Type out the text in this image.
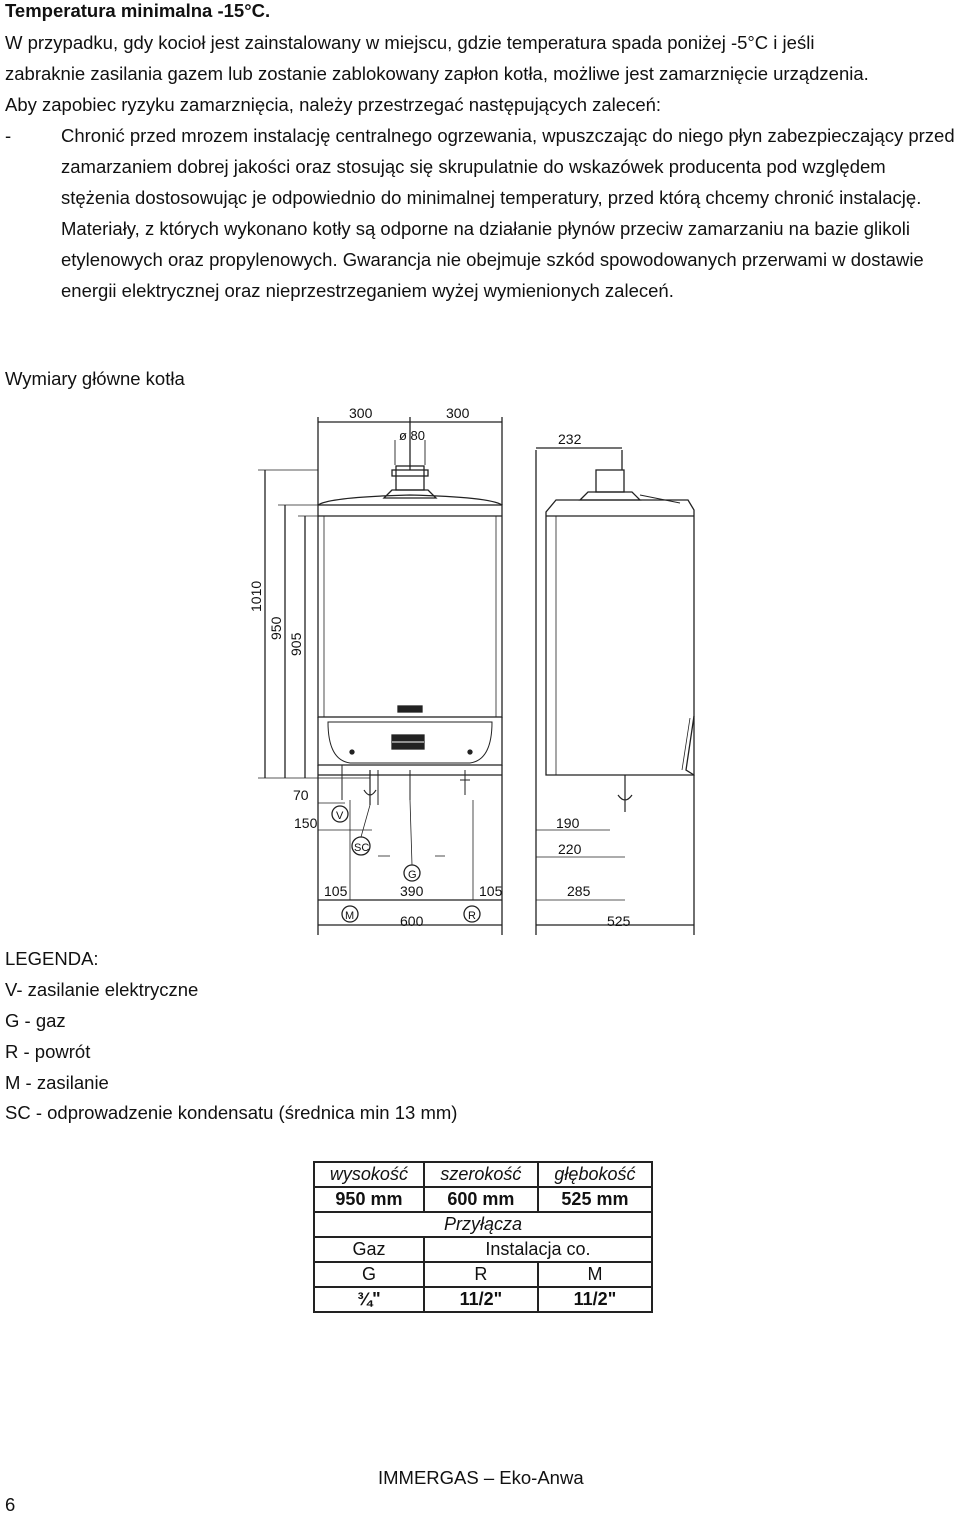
Temperatura minimalna -15°C.

W przypadku, gdy kocioł jest zainstalowany w miejscu, gdzie temperatura spada poniżej -5°C i jeśli

zabraknie zasilania gazem lub zostanie zablokowany zapłon kotła, możliwe jest zamarznięcie urządzenia.

Aby zapobiec ryzyku zamarznięcia, należy przestrzegać następujących zaleceń:

-	Chronić przed mrozem instalację centralnego ogrzewania, wpuszczając do niego płyn zabezpieczający przed zamarzaniem dobrej jakości oraz stosując się skrupulatnie do wskazówek producenta pod względem stężenia dostosowując je odpowiednio do minimalnej temperatury, przed którą chcemy chronić instalację. Materiały, z których wykonano kotły są odporne na działanie płynów przeciw zamarzaniu na bazie glikoli etylenowych oraz propylenowych. Gwarancja nie obejmuje szkód spowodowanych przerwami w dostawie energii elektrycznej oraz nieprzestrzeganiem wyżej wymienionych zaleceń.

Wymiary główne kotła

300	300
ø 80	232
1010
950
905
70
150
105	390	105
600
190
220
285
525
V
SC
G
M	R

LEGENDA:

V- zasilanie elektryczne

G - gaz

R - powrót

M - zasilanie

SC - odprowadzenie kondensatu (średnica min 13 mm)

wysokość	szerokość	głębokość
950 mm	600 mm	525 mm
Przyłącza		
Gaz	Instalacja co.	
G	R	M
¾"	11/2"	11/2"

IMMERGAS – Eko-Anwa

6
